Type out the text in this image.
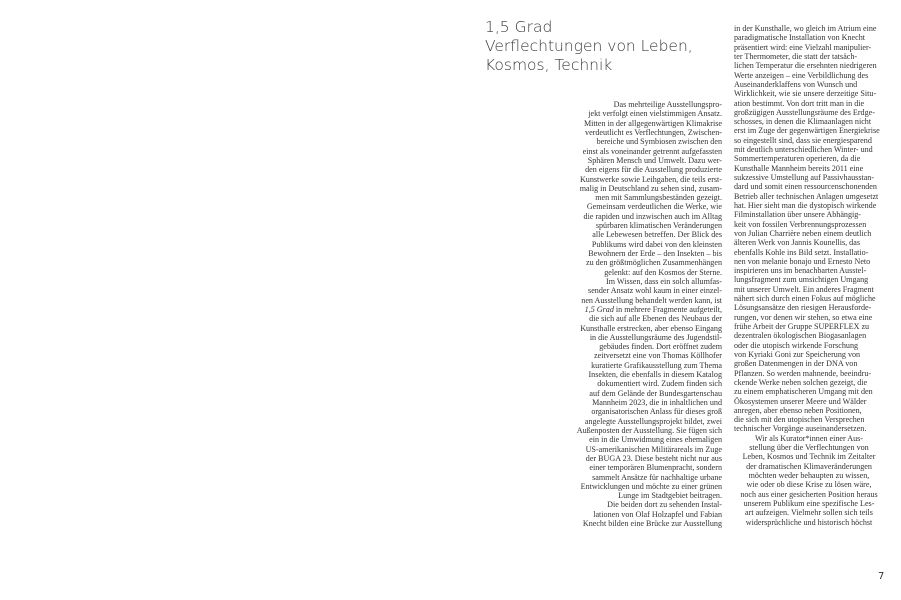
1,5 Grad
Verflechtungen von Leben,
Kosmos, Technik
Das mehrteilige Ausstellungspro-
jekt verfolgt einen vielstimmigen Ansatz.
Mitten in der allgegenwärtigen Klimakrise
verdeutlicht es Verflechtungen, Zwischen-
bereiche und Symbiosen zwischen den
einst als voneinander getrennt aufgefassten
Sphären Mensch und Umwelt. Dazu wer-
den eigens für die Ausstellung produzierte
Kunstwerke sowie Leihgaben, die teils erst-
malig in Deutschland zu sehen sind, zusam-
men mit Sammlungsbeständen gezeigt.
Gemeinsam verdeutlichen die Werke, wie
die rapiden und inzwischen auch im Alltag
spürbaren klimatischen Veränderungen
alle Lebewesen betreffen. Der Blick des
Publikums wird dabei von den kleinsten
Bewohnern der Erde – den Insekten – bis
zu den größtmöglichen Zusammenhängen
gelenkt: auf den Kosmos der Sterne.
Im Wissen, dass ein solch allumfas-
sender Ansatz wohl kaum in einer einzel-
nen Ausstellung behandelt werden kann, ist
1,5 Grad in mehrere Fragmente aufgeteilt,
die sich auf alle Ebenen des Neubaus der
Kunsthalle erstrecken, aber ebenso Eingang
in die Ausstellungsräume des Jugendstil-
gebäudes finden. Dort eröffnet zudem
zeitversetzt eine von Thomas Köllhofer
kuratierte Grafikausstellung zum Thema
Insekten, die ebenfalls in diesem Katalog
dokumentiert wird. Zudem finden sich
auf dem Gelände der Bundesgartenschau
Mannheim 2023, die in inhaltlichen und
organisatorischen Anlass für dieses groß
angelegte Ausstellungsprojekt bildet, zwei
Außenposten der Ausstellung. Sie fügen sich
ein in die Umwidmung eines ehemaligen
US-amerikanischen Militärareals im Zuge
der BUGA 23. Diese besteht nicht nur aus
einer temporären Blumenpracht, sondern
sammelt Ansätze für nachhaltige urbane
Entwicklungen und möchte zu einer grünen
Lunge im Stadtgebiet beitragen.
Die beiden dort zu sehenden Instal-
lationen von Olaf Holzapfel und Fabian
Knecht bilden eine Brücke zur Ausstellung
in der Kunsthalle, wo gleich im Atrium eine
paradigmatische Installation von Knecht
präsentiert wird: eine Vielzahl manipulier-
ter Thermometer, die statt der tatsäch-
lichen Temperatur die ersehnten niedrigeren
Werte anzeigen – eine Verbildlichung des
Auseinanderklaffens von Wunsch und
Wirklichkeit, wie sie unsere derzeitige Situ-
ation bestimmt. Von dort tritt man in die
großzügigen Ausstellungsräume des Erdge-
schosses, in denen die Klimaanlagen nicht
erst im Zuge der gegenwärtigen Energiekrise
so eingestellt sind, dass sie energiesparend
mit deutlich unterschiedlichen Winter- und
Sommertemperaturen operieren, da die
Kunsthalle Mannheim bereits 2011 eine
sukzessive Umstellung auf Passivhausstan-
dard und somit einen ressourcenschonenden
Betrieb aller technischen Anlagen umgesetzt
hat. Hier sieht man die dystopisch wirkende
Filminstallation über unsere Abhängig-
keit von fossilen Verbrennungsprozessen
von Julian Charrière neben einem deutlich
älteren Werk von Jannis Kounellis, das
ebenfalls Kohle ins Bild setzt. Installatio-
nen von melanie bonajo und Ernesto Neto
inspirieren uns im benachbarten Ausstel-
lungsfragment zum umsichtigen Umgang
mit unserer Umwelt. Ein anderes Fragment
nähert sich durch einen Fokus auf mögliche
Lösungsansätze den riesigen Herausforde-
rungen, vor denen wir stehen, so etwa eine
frühe Arbeit der Gruppe SUPERFLEX zu
dezentralen ökologischen Biogasanlagen
oder die utopisch wirkende Forschung
von Kyriaki Goni zur Speicherung von
großen Datenmengen in der DNA von
Pflanzen. So werden mahnende, beeindru-
ckende Werke neben solchen gezeigt, die
zu einem emphatischeren Umgang mit den
Ökosystemen unserer Meere und Wälder
anregen, aber ebenso neben Positionen,
die sich mit den utopischen Versprechen
technischer Vorgänge auseinandersetzen.
Wir als Kurator*innen einer Aus-
stellung über die Verflechtungen von
Leben, Kosmos und Technik im Zeitalter
der dramatischen Klimaveränderungen
möchten weder behaupten zu wissen,
wie oder ob diese Krise zu lösen wäre,
noch aus einer gesicherten Position heraus
unserem Publikum eine spezifische Les-
art aufzeigen. Vielmehr sollen sich teils
widersprüchliche und historisch höchst
7
